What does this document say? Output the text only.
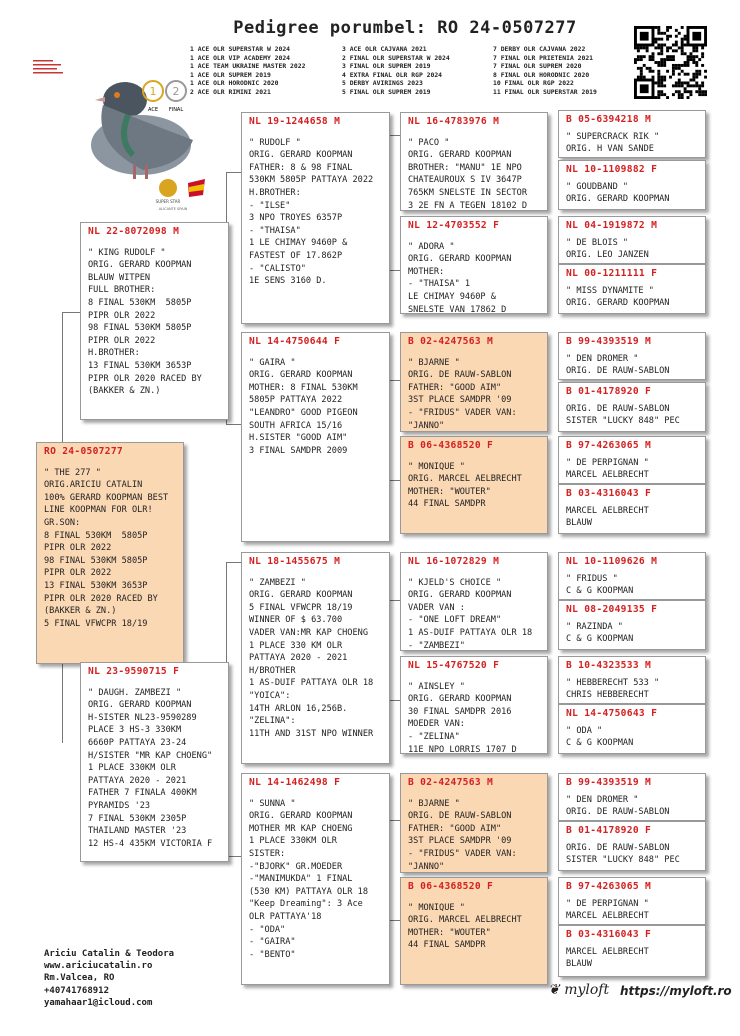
Pedigree porumbel: RO 24-0507277
1 ACE OLR SUPERSTAR W 2024
1 ACE OLR VIP ACADEMY 2024
1 ACE TEAM UKRAINE MASTER 2022
1 ACE OLR SUPREM 2019
1 ACE OLR HORODNIC 2020
2 ACE OLR RIMINI 2021
3 ACE OLR CAJVANA 2021
2 FINAL OLR SUPERSTAR W 2024
3 FINAL OLR SUPREM 2019
4 EXTRA FINAL OLR RGP 2024
5 DERBY AVIRINGS 2023
5 FINAL OLR SUPREM 2019
7 DERBY OLR CAJVANA 2022
7 FINAL OLR PRIETENIA 2021
7 FINAL OLR SUPREM 2020
8 FINAL OLR HORODNIC 2020
10 FINAL OLR RGP 2022
11 FINAL OLR SUPERSTAR 2019
1 2
ACE FINAL
SUPER STAR
ALICANTE SPAIN
RO 24-0507277
" THE 277 "
ORIG.ARICIU CATALIN
100% GERARD KOOPMAN BEST LINE KOOPMAN FOR OLR!
GR.SON:
8 FINAL 530KM  5805P
PIPR OLR 2022
98 FINAL 530KM 5805P
PIPR OLR 2022
13 FINAL 530KM 3653P
PIPR OLR 2020 RACED BY (BAKKER & ZN.)
5 FINAL VFWCPR 18/19
NL 22-8072098 M
" KING RUDOLF "
ORIG. GERARD KOOPMAN
BLAUW WITPEN
FULL BROTHER:
8 FINAL 530KM  5805P
PIPR OLR 2022
98 FINAL 530KM 5805P
PIPR OLR 2022
H.BROTHER:
13 FINAL 530KM 3653P
PIPR OLR 2020 RACED BY
(BAKKER & ZN.)
NL 23-9590715 F
" DAUGH. ZAMBEZI "
ORIG. GERARD KOOPMAN
H-SISTER NL23-9590289
PLACE 3 HS-3 330KM
6660P PATTAYA 23-24
H/SISTER "MR KAP CHOENG"
1 PLACE 330KM OLR
PATTAYA 2020 - 2021
FATHER 7 FINALA 400KM
PYRAMIDS '23
7 FINAL 530KM 2305P
THAILAND MASTER '23
12 HS-4 435KM VICTORIA F
NL 19-1244658 M
" RUDOLF "
ORIG. GERARD KOOPMAN
FATHER: 8 & 98 FINAL
530KM 5805P PATTAYA 2022
H.BROTHER:
- "ILSE"
3 NPO TROYES 6357P
- "THAISA"
1 LE CHIMAY 9460P &
FASTEST OF 17.862P
- "CALISTO"
1E SENS 3160 D.
NL 14-4750644 F
" GAIRA "
ORIG. GERARD KOOPMAN
MOTHER: 8 FINAL 530KM
5805P PATTAYA 2022
"LEANDRO" GOOD PIGEON
SOUTH AFRICA 15/16
H.SISTER "GOOD AIM"
3 FINAL SAMDPR 2009
NL 18-1455675 M
" ZAMBEZI "
ORIG. GERARD KOOPMAN
5 FINAL VFWCPR 18/19
WINNER OF $ 63.700
VADER VAN:MR KAP CHOENG
1 PLACE 330 KM OLR
PATTAYA 2020 - 2021
H/BROTHER
1 AS-DUIF PATTAYA OLR 18
"YOICA":
14TH ARLON 16,256B.
"ZELINA":
11TH AND 31ST NPO WINNER
NL 14-1462498 F
" SUNNA "
ORIG. GERARD KOOPMAN
MOTHER MR KAP CHOENG
1 PLACE 330KM OLR
SISTER:
-"BJORK" GR.MOEDER
-"MANIMUKDA" 1 FINAL
(530 KM) PATTAYA OLR 18
"Keep Dreaming": 3 Ace
OLR PATTAYA'18
- "ODA"
- "GAIRA"
- "BENTO"
NL 16-4783976 M
" PACO "
ORIG. GERARD KOOPMAN
BROTHER: "MANU" 1E NPO
CHATEAUROUX S IV 3647P
765KM SNELSTE IN SECTOR
3 2E FN A TEGEN 18102 D
NL 12-4703552 F
" ADORA "
ORIG. GERARD KOOPMAN
MOTHER:
- "THAISA" 1
LE CHIMAY 9460P &
SNELSTE VAN 17862 D
B 02-4247563 M
" BJARNE "
ORIG. DE RAUW-SABLON
FATHER: "GOOD AIM"
3ST PLACE SAMDPR '09
- "FRIDUS" VADER VAN:
"JANNO"
B 06-4368520 F
" MONIQUE "
ORIG. MARCEL AELBRECHT
MOTHER: "WOUTER"
44 FINAL SAMDPR
NL 16-1072829 M
" KJELD'S CHOICE "
ORIG. GERARD KOOPMAN
VADER VAN :
- "ONE LOFT DREAM"
1 AS-DUIF PATTAYA OLR 18
- "ZAMBEZI"
NL 15-4767520 F
" AINSLEY "
ORIG. GERARD KOOPMAN
30 FINAL SAMDPR 2016
MOEDER VAN:
- "ZELINA"
11E NPO LORRIS 1707 D
B 02-4247563 M
" BJARNE "
ORIG. DE RAUW-SABLON
FATHER: "GOOD AIM"
3ST PLACE SAMDPR '09
- "FRIDUS" VADER VAN:
"JANNO"
B 06-4368520 F
" MONIQUE "
ORIG. MARCEL AELBRECHT
MOTHER: "WOUTER"
44 FINAL SAMDPR
B 05-6394218 M
" SUPERCRACK RIK "
ORIG. H VAN SANDE
NL 10-1109882 F
" GOUDBAND "
ORIG. GERARD KOOPMAN
NL 04-1919872 M
" DE BLOIS "
ORIG. LEO JANZEN
NL 00-1211111 F
" MISS DYNAMITE "
ORIG. GERARD KOOPMAN
B 99-4393519 M
" DEN DROMER "
ORIG. DE RAUW-SABLON
B 01-4178920 F
ORIG. DE RAUW-SABLON
SISTER "LUCKY 848" PEC
B 97-4263065 M
" DE PERPIGNAN "
MARCEL AELBRECHT
B 03-4316043 F
MARCEL AELBRECHT
BLAUW
NL 10-1109626 M
" FRIDUS "
C & G KOOPMAN
NL 08-2049135 F
" RAZINDA "
C & G KOOPMAN
B 10-4323533 M
" HEBBERECHT 533 "
CHRIS HEBBERECHT
NL 14-4750643 F
" ODA "
C & G KOOPMAN
B 99-4393519 M
" DEN DROMER "
ORIG. DE RAUW-SABLON
B 01-4178920 F
ORIG. DE RAUW-SABLON
SISTER "LUCKY 848" PEC
B 97-4263065 M
" DE PERPIGNAN "
MARCEL AELBRECHT
B 03-4316043 F
MARCEL AELBRECHT
BLAUW
Ariciu Catalin & Teodora
www.ariciucatalin.ro
Rm.Valcea, RO
+40741768912
yamahaar1@icloud.com
❦ myloft https://myloft.ro
